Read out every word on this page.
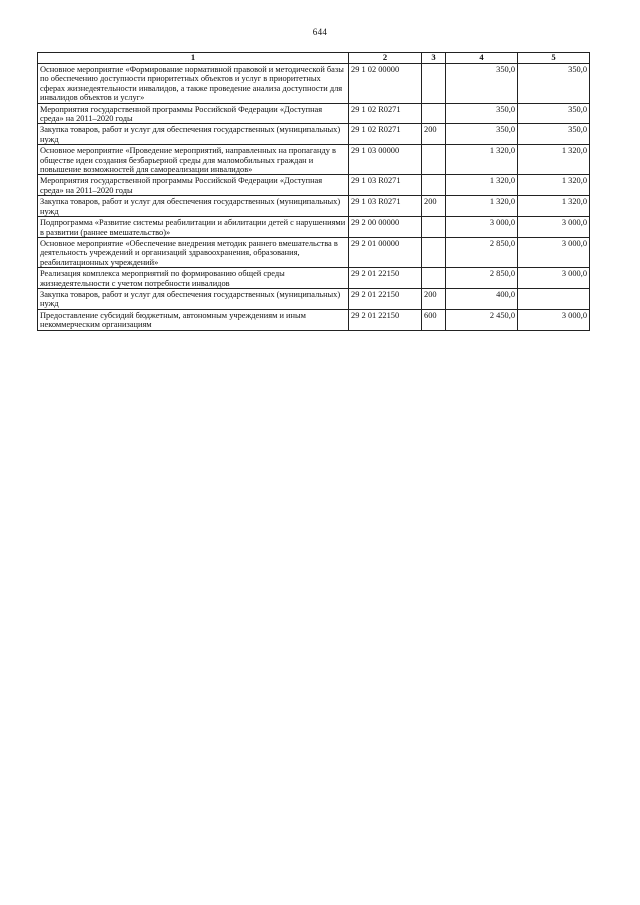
644
1	2	3	4	5
Основное мероприятие «Формирование нормативной правовой и методической базы по обеспечению доступности приоритетных объектов и услуг в приоритетных сферах жизнедеятельности инвалидов, а также проведение анализа доступности для инвалидов объектов и услуг»	29 1 02 00000		350,0	350,0
Мероприятия государственной программы Российской Федерации «Доступная среда» на 2011–2020 годы	29 1 02 R0271		350,0	350,0
Закупка товаров, работ и услуг для обеспечения государственных (муниципальных) нужд	29 1 02 R0271	200	350,0	350,0
Основное мероприятие «Проведение мероприятий, направленных на пропаганду в обществе идеи создания безбарьерной среды для маломобильных граждан и повышение возможностей для самореализации инвалидов»	29 1 03 00000		1 320,0	1 320,0
Мероприятия государственной программы Российской Федерации «Доступная среда» на 2011–2020 годы	29 1 03 R0271		1 320,0	1 320,0
Закупка товаров, работ и услуг для обеспечения государственных (муниципальных) нужд	29 1 03 R0271	200	1 320,0	1 320,0
Подпрограмма «Развитие системы реабилитации и абилитации детей с нарушениями в развитии (раннее вмешательство)»	29 2 00 00000		3 000,0	3 000,0
Основное мероприятие «Обеспечение внедрения методик раннего вмешательства в деятельность учреждений и организаций здравоохранения, образования, реабилитационных учреждений»	29 2 01 00000		2 850,0	3 000,0
Реализация комплекса мероприятий по формированию общей среды жизнедеятельности с учетом потребности инвалидов	29 2 01 22150		2 850,0	3 000,0
Закупка товаров, работ и услуг для обеспечения государственных (муниципальных) нужд	29 2 01 22150	200	400,0	
Предоставление субсидий бюджетным, автономным учреждениям и иным некоммерческим организациям	29 2 01 22150	600	2 450,0	3 000,0
